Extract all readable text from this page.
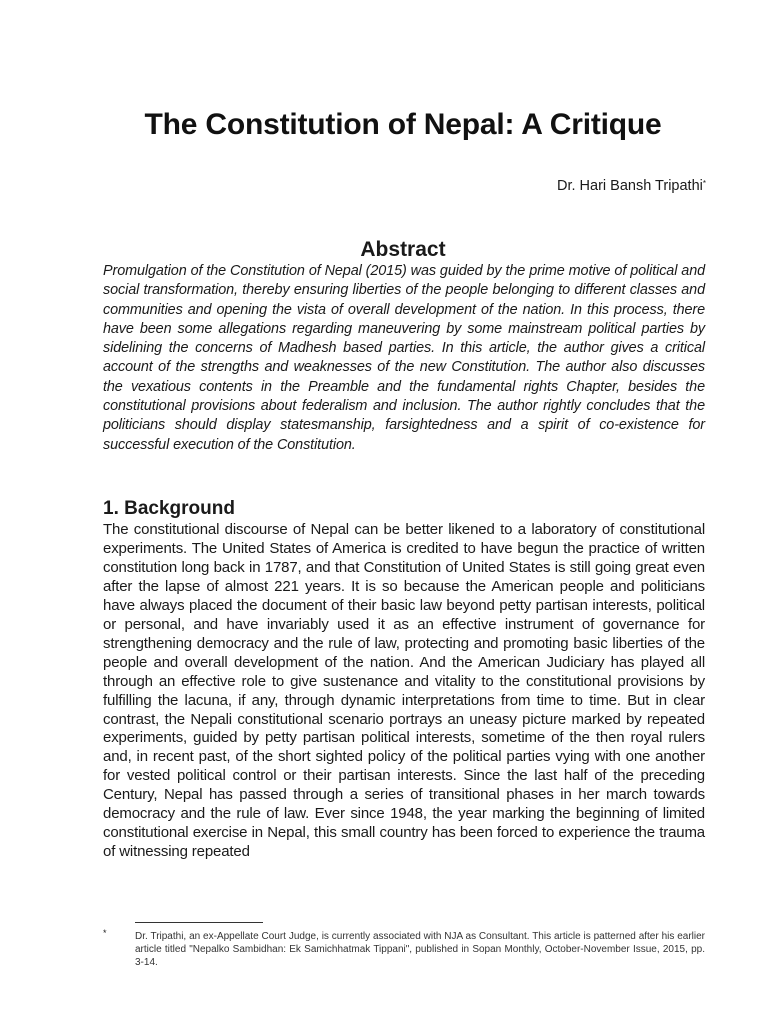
The Constitution of Nepal: A Critique

Dr. Hari Bansh Tripathi*

Abstract

Promulgation of the Constitution of Nepal (2015) was guided by the prime motive of political and social transformation, thereby ensuring liberties of the people belonging to different classes and communities and opening the vista of overall development of the nation. In this process, there have been some allegations regarding maneuvering by some mainstream political parties by sidelining the concerns of Madhesh based parties. In this article, the author gives a critical account of the strengths and weaknesses of the new Constitution. The author also discusses the vexatious contents in the Preamble and the fundamental rights Chapter, besides the constitutional provisions about federalism and inclusion. The author rightly concludes that the politicians should display statesmanship, farsightedness and a spirit of co-existence for successful execution of the Constitution.

1. Background

The constitutional discourse of Nepal can be better likened to a laboratory of constitutional experiments. The United States of America is credited to have begun the practice of written constitution long back in 1787, and that Constitution of United States is still going great even after the lapse of almost 221 years. It is so because the American people and politicians have always placed the document of their basic law beyond petty partisan interests, political or personal, and have invariably used it as an effective instrument of governance for strengthening democracy and the rule of law, protecting and promoting basic liberties of the people and overall development of the nation. And the American Judiciary has played all through an effective role to give sustenance and vitality to the constitutional provisions by fulfilling the lacuna, if any, through dynamic interpretations from time to time. But in clear contrast, the Nepali constitutional scenario portrays an uneasy picture marked by repeated experiments, guided by petty partisan political interests, sometime of the then royal rulers and, in recent past, of the short sighted policy of the political parties vying with one another for vested political control or their partisan interests. Since the last half of the preceding Century, Nepal has passed through a series of transitional phases in her march towards democracy and the rule of law. Ever since 1948, the year marking the beginning of limited constitutional exercise in Nepal, this small country has been forced to experience the trauma of witnessing repeated

*	Dr. Tripathi, an ex-Appellate Court Judge, is currently associated with NJA as Consultant. This article is patterned after his earlier article titled "Nepalko Sambidhan: Ek Samichhatmak Tippani", published in Sopan Monthly, October-November Issue, 2015, pp. 3-14.
